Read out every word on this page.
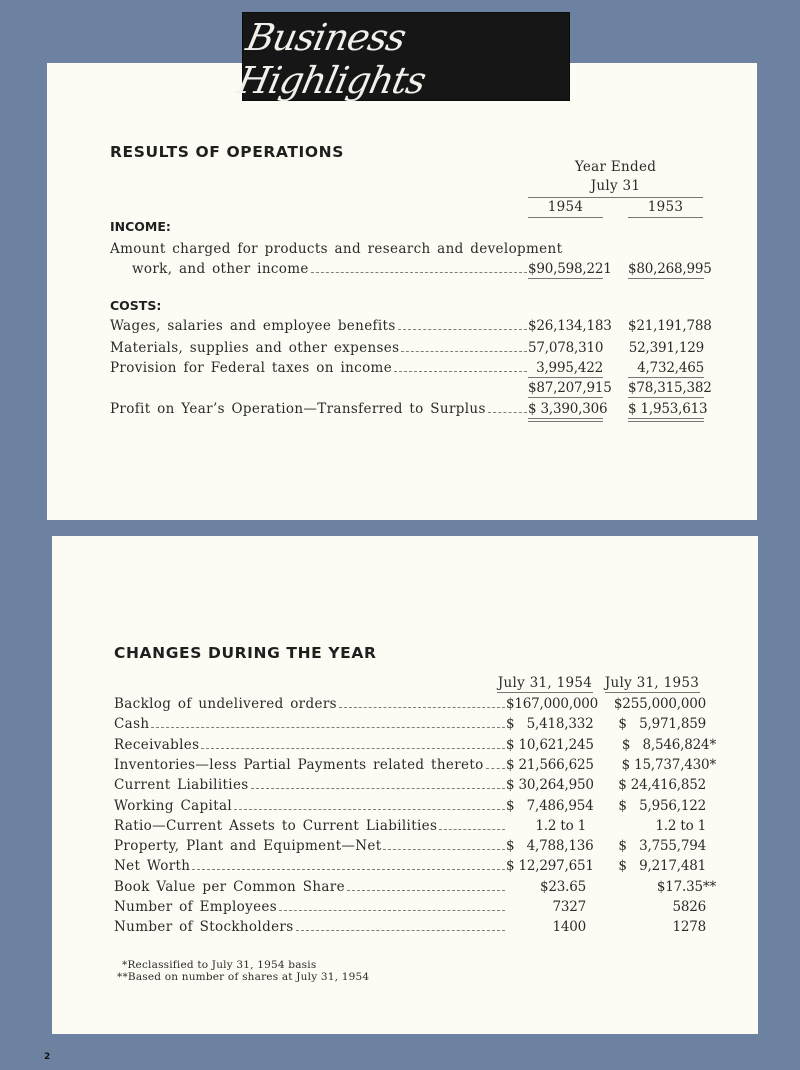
Business Highlights
RESULTS OF OPERATIONS
Year Ended
July 31
1954	1953
INCOME:
Amount charged for products and research and development
work, and other income	$90,598,221 $80,268,995
COSTS:
Wages, salaries and employee benefits	$26,134,183 $21,191,788
Materials, supplies and other expenses	57,078,310 52,391,129
Provision for Federal taxes on income	3,995,422	4,732,465
$87,207,915 $78,315,382
Profit on Year’s Operation—Transferred to Surplus	$ 3,390,306 $ 1,953,613
CHANGES DURING THE YEAR
July 31, 1954 July 31, 1953
Backlog of undelivered orders	$167,000,000 $255,000,000
Cash	$   5,418,332	$   5,971,859
Receivables	$ 10,621,245	$   8,546,824*
Inventories—less Partial Payments related thereto $ 21,566,625	$ 15,737,430*
Current Liabilities	$ 30,264,950	$ 24,416,852
Working Capital	$   7,486,954	$   5,956,122
Ratio—Current Assets to Current Liabilities	1.2 to 1	1.2 to 1
Property, Plant and Equipment—Net	$   4,788,136	$   3,755,794
Net Worth	$ 12,297,651	$   9,217,481
Book Value per Common Share	$23.65	$17.35**
Number of Employees	7327	5826
Number of Stockholders	1400	1278
*Reclassified to July 31, 1954 basis
**Based on number of shares at July 31, 1954
2
